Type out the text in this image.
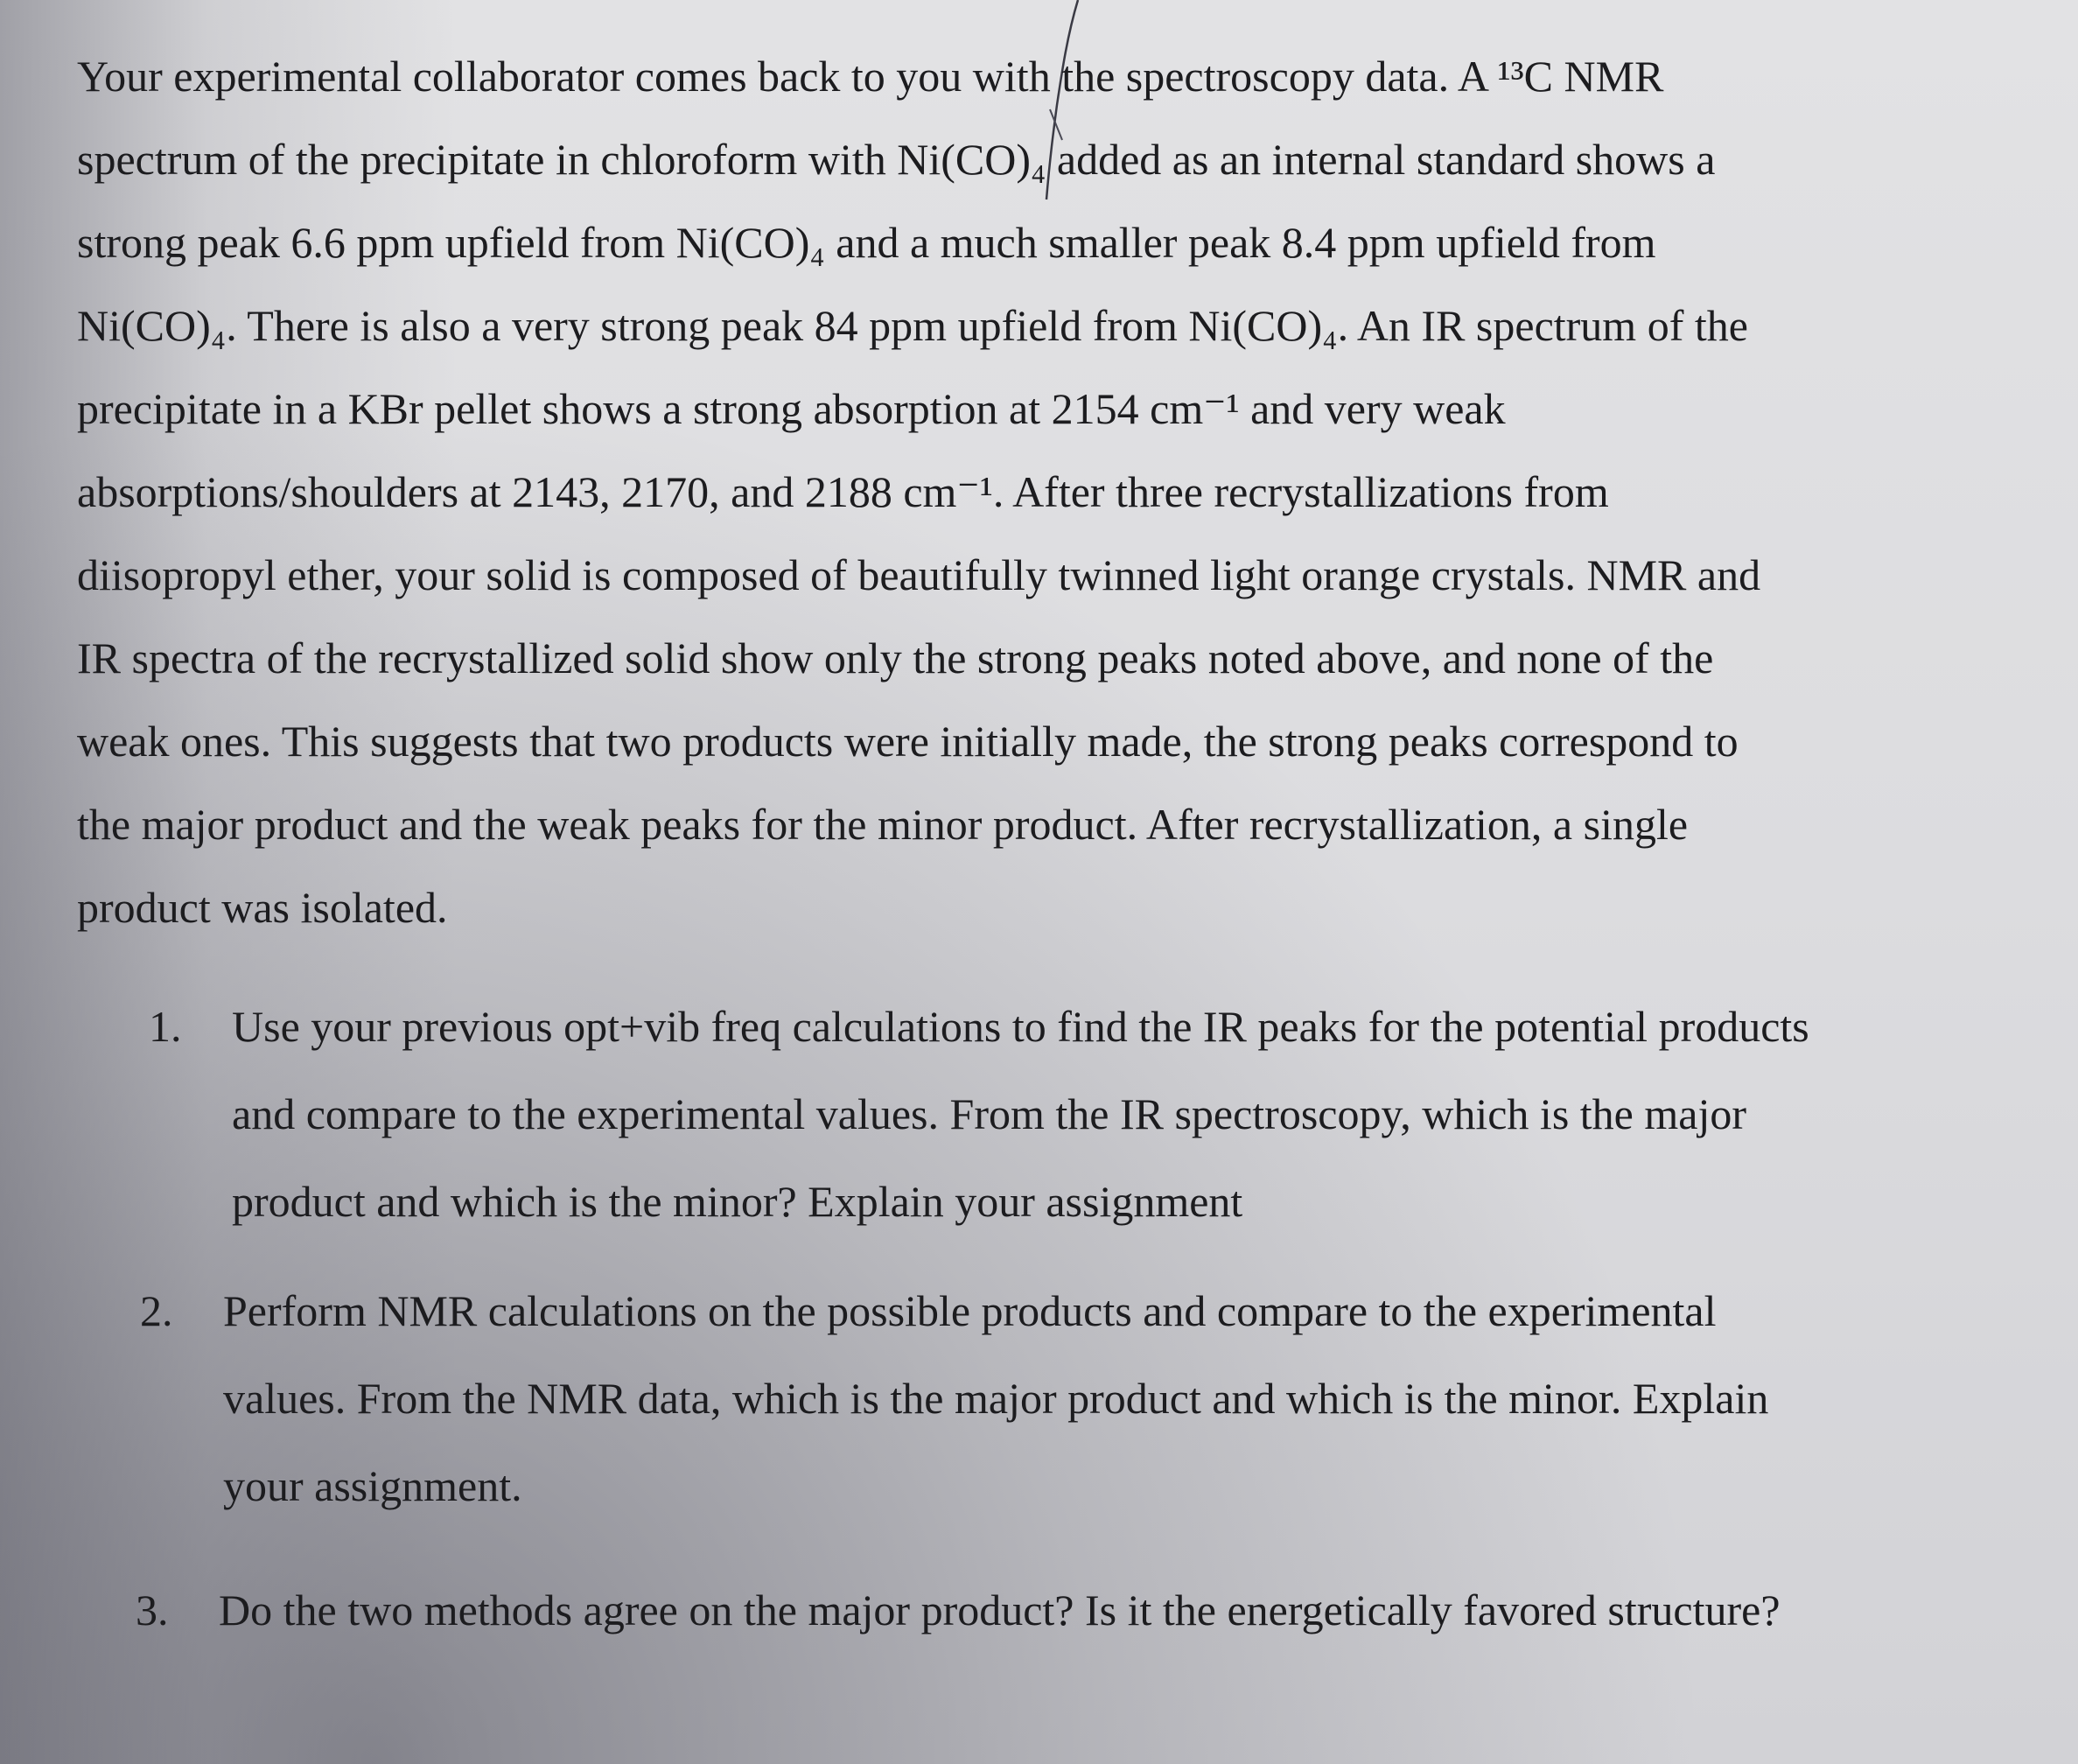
Your experimental collaborator comes back to you with the spectroscopy data. A ¹³C NMR
spectrum of the precipitate in chloroform with Ni(CO)₄ added as an internal standard shows a
strong peak 6.6 ppm upfield from Ni(CO)₄ and a much smaller peak 8.4 ppm upfield from
Ni(CO)₄. There is also a very strong peak 84 ppm upfield from Ni(CO)₄. An IR spectrum of the
precipitate in a KBr pellet shows a strong absorption at 2154 cm⁻¹ and very weak
absorptions/shoulders at 2143, 2170, and 2188 cm⁻¹. After three recrystallizations from
diisopropyl ether, your solid is composed of beautifully twinned light orange crystals. NMR and
IR spectra of the recrystallized solid show only the strong peaks noted above, and none of the
weak ones. This suggests that two products were initially made, the strong peaks correspond to
the major product and the weak peaks for the minor product. After recrystallization, a single
product was isolated.
1. Use your previous opt+vib freq calculations to find the IR peaks for the potential products
and compare to the experimental values. From the IR spectroscopy, which is the major
product and which is the minor? Explain your assignment
2. Perform NMR calculations on the possible products and compare to the experimental
values. From the NMR data, which is the major product and which is the minor. Explain
your assignment.
3. Do the two methods agree on the major product? Is it the energetically favored structure?
